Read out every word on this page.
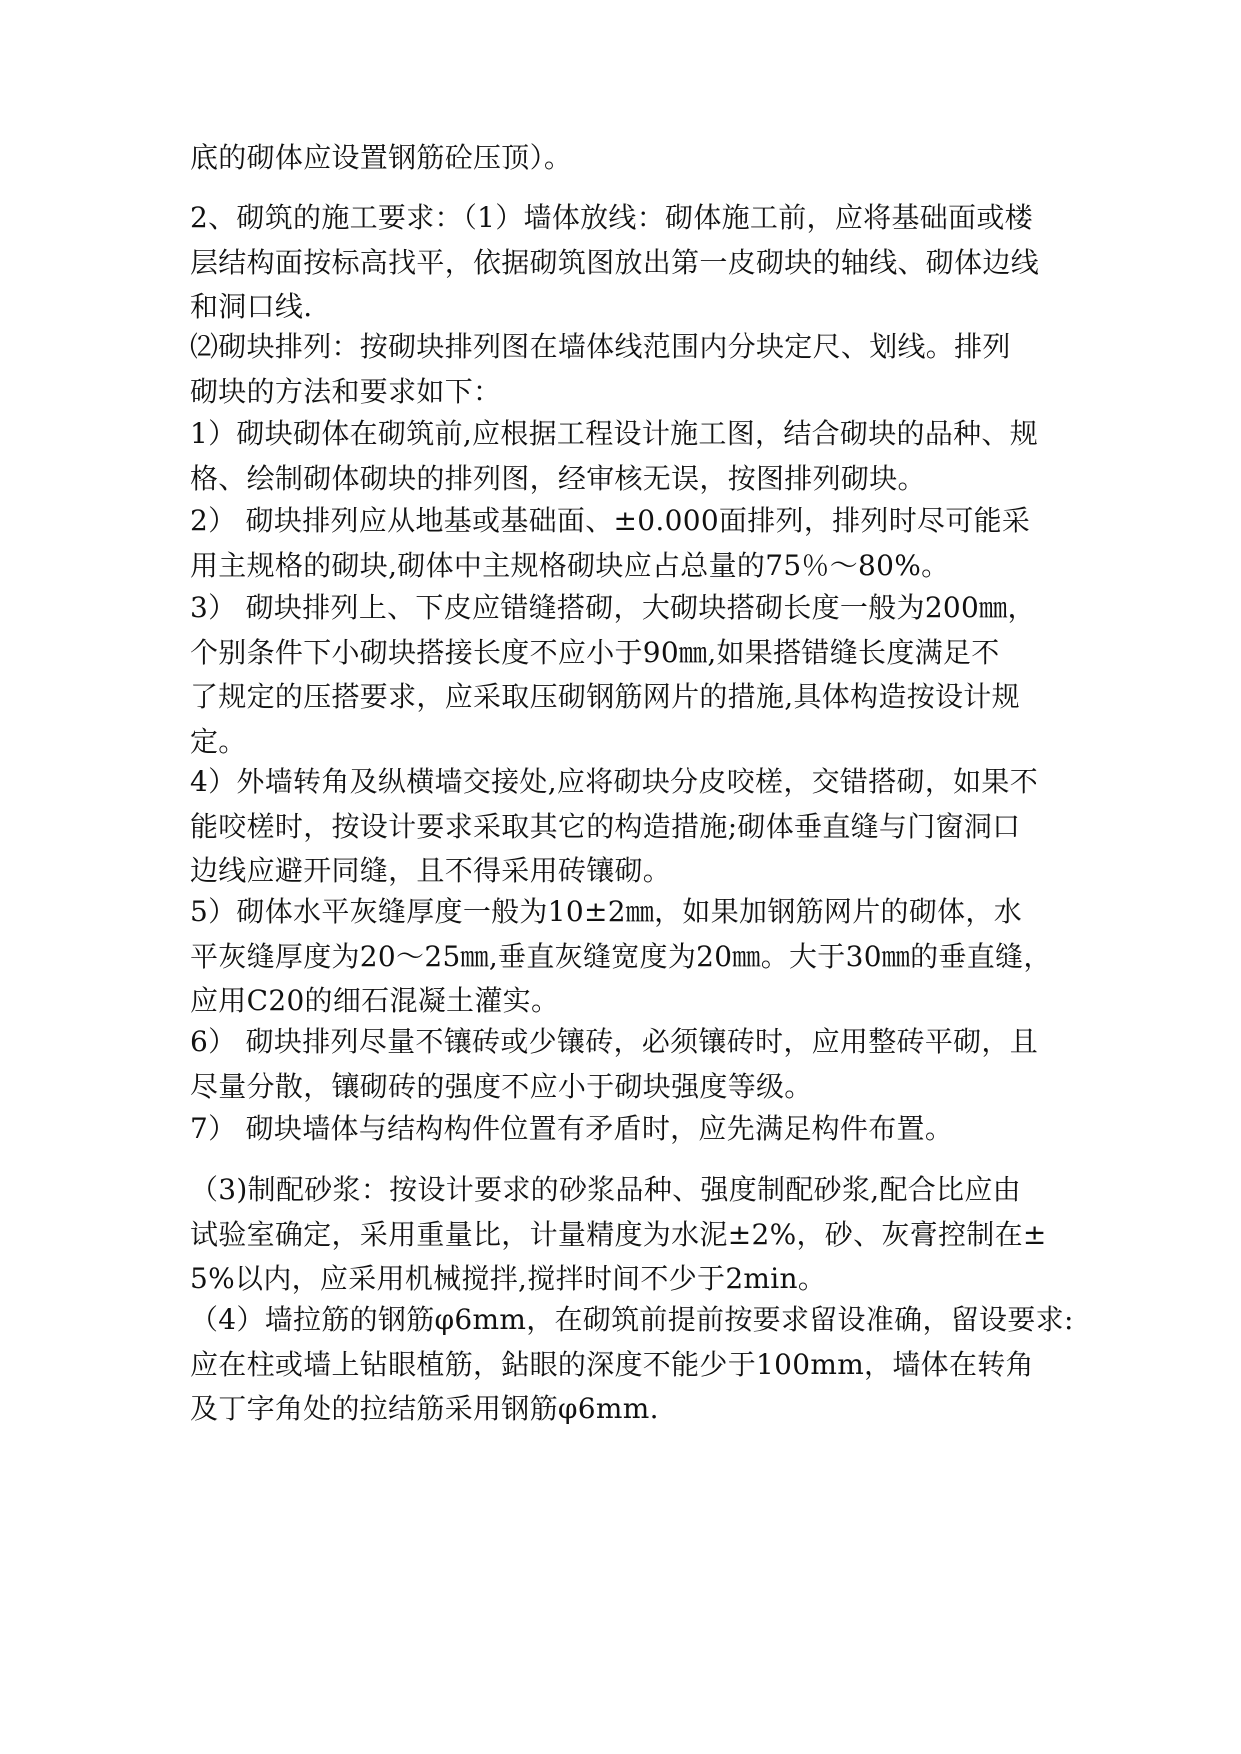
底的砌体应设置钢筋砼压顶）。

2、砌筑的施工要求：（1）墙体放线：砌体施工前，应将基础面或楼
层结构面按标高找平，依据砌筑图放出第一皮砌块的轴线、砌体边线
和洞口线.

⑵砌块排列：按砌块排列图在墙体线范围内分块定尺、划线。排列
砌块的方法和要求如下：

1）砌块砌体在砌筑前,应根据工程设计施工图，结合砌块的品种、规
格、绘制砌体砌块的排列图，经审核无误，按图排列砌块。

2） 砌块排列应从地基或基础面、±0.000面排列，排列时尽可能采
用主规格的砌块,砌体中主规格砌块应占总量的75％～80%。

3） 砌块排列上、下皮应错缝搭砌，大砌块搭砌长度一般为200㎜，
个别条件下小砌块搭接长度不应小于90㎜,如果搭错缝长度满足不
了规定的压搭要求，应采取压砌钢筋网片的措施,具体构造按设计规
定。

4）外墙转角及纵横墙交接处,应将砌块分皮咬槎，交错搭砌，如果不
能咬槎时，按设计要求采取其它的构造措施;砌体垂直缝与门窗洞口
边线应避开同缝，且不得采用砖镶砌。

5）砌体水平灰缝厚度一般为10±2㎜，如果加钢筋网片的砌体，水
平灰缝厚度为20～25㎜,垂直灰缝宽度为20㎜。大于30㎜的垂直缝，
应用C20的细石混凝土灌实。

6） 砌块排列尽量不镶砖或少镶砖，必须镶砖时，应用整砖平砌，且
尽量分散，镶砌砖的强度不应小于砌块强度等级。

7） 砌块墙体与结构构件位置有矛盾时，应先满足构件布置。

（3)制配砂浆：按设计要求的砂浆品种、强度制配砂浆,配合比应由
试验室确定，采用重量比，计量精度为水泥±2%，砂、灰膏控制在±
5%以内，应采用机械搅拌,搅拌时间不少于2min。

（4）墙拉筋的钢筋φ6mm，在砌筑前提前按要求留设准确，留设要求:
应在柱或墙上钻眼植筋，鉆眼的深度不能少于100mm，墙体在转角
及丁字角处的拉结筋采用钢筋φ6mm.
